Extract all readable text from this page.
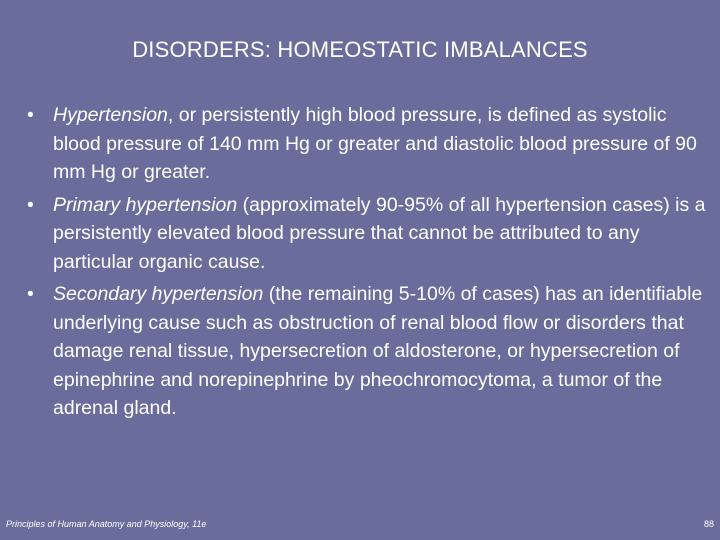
DISORDERS: HOMEOSTATIC IMBALANCES
• Hypertension, or persistently high blood pressure, is defined as systolic blood pressure of 140 mm Hg or greater and diastolic blood pressure of 90 mm Hg or greater.
• Primary hypertension (approximately 90-95% of all hypertension cases) is a persistently elevated blood pressure that cannot be attributed to any particular organic cause.
• Secondary hypertension (the remaining 5-10% of cases) has an identifiable underlying cause such as obstruction of renal blood flow or disorders that damage renal tissue, hypersecretion of aldosterone, or hypersecretion of epinephrine and norepinephrine by pheochromocytoma, a tumor of the adrenal gland.
Principles of Human Anatomy and Physiology, 11e	88
